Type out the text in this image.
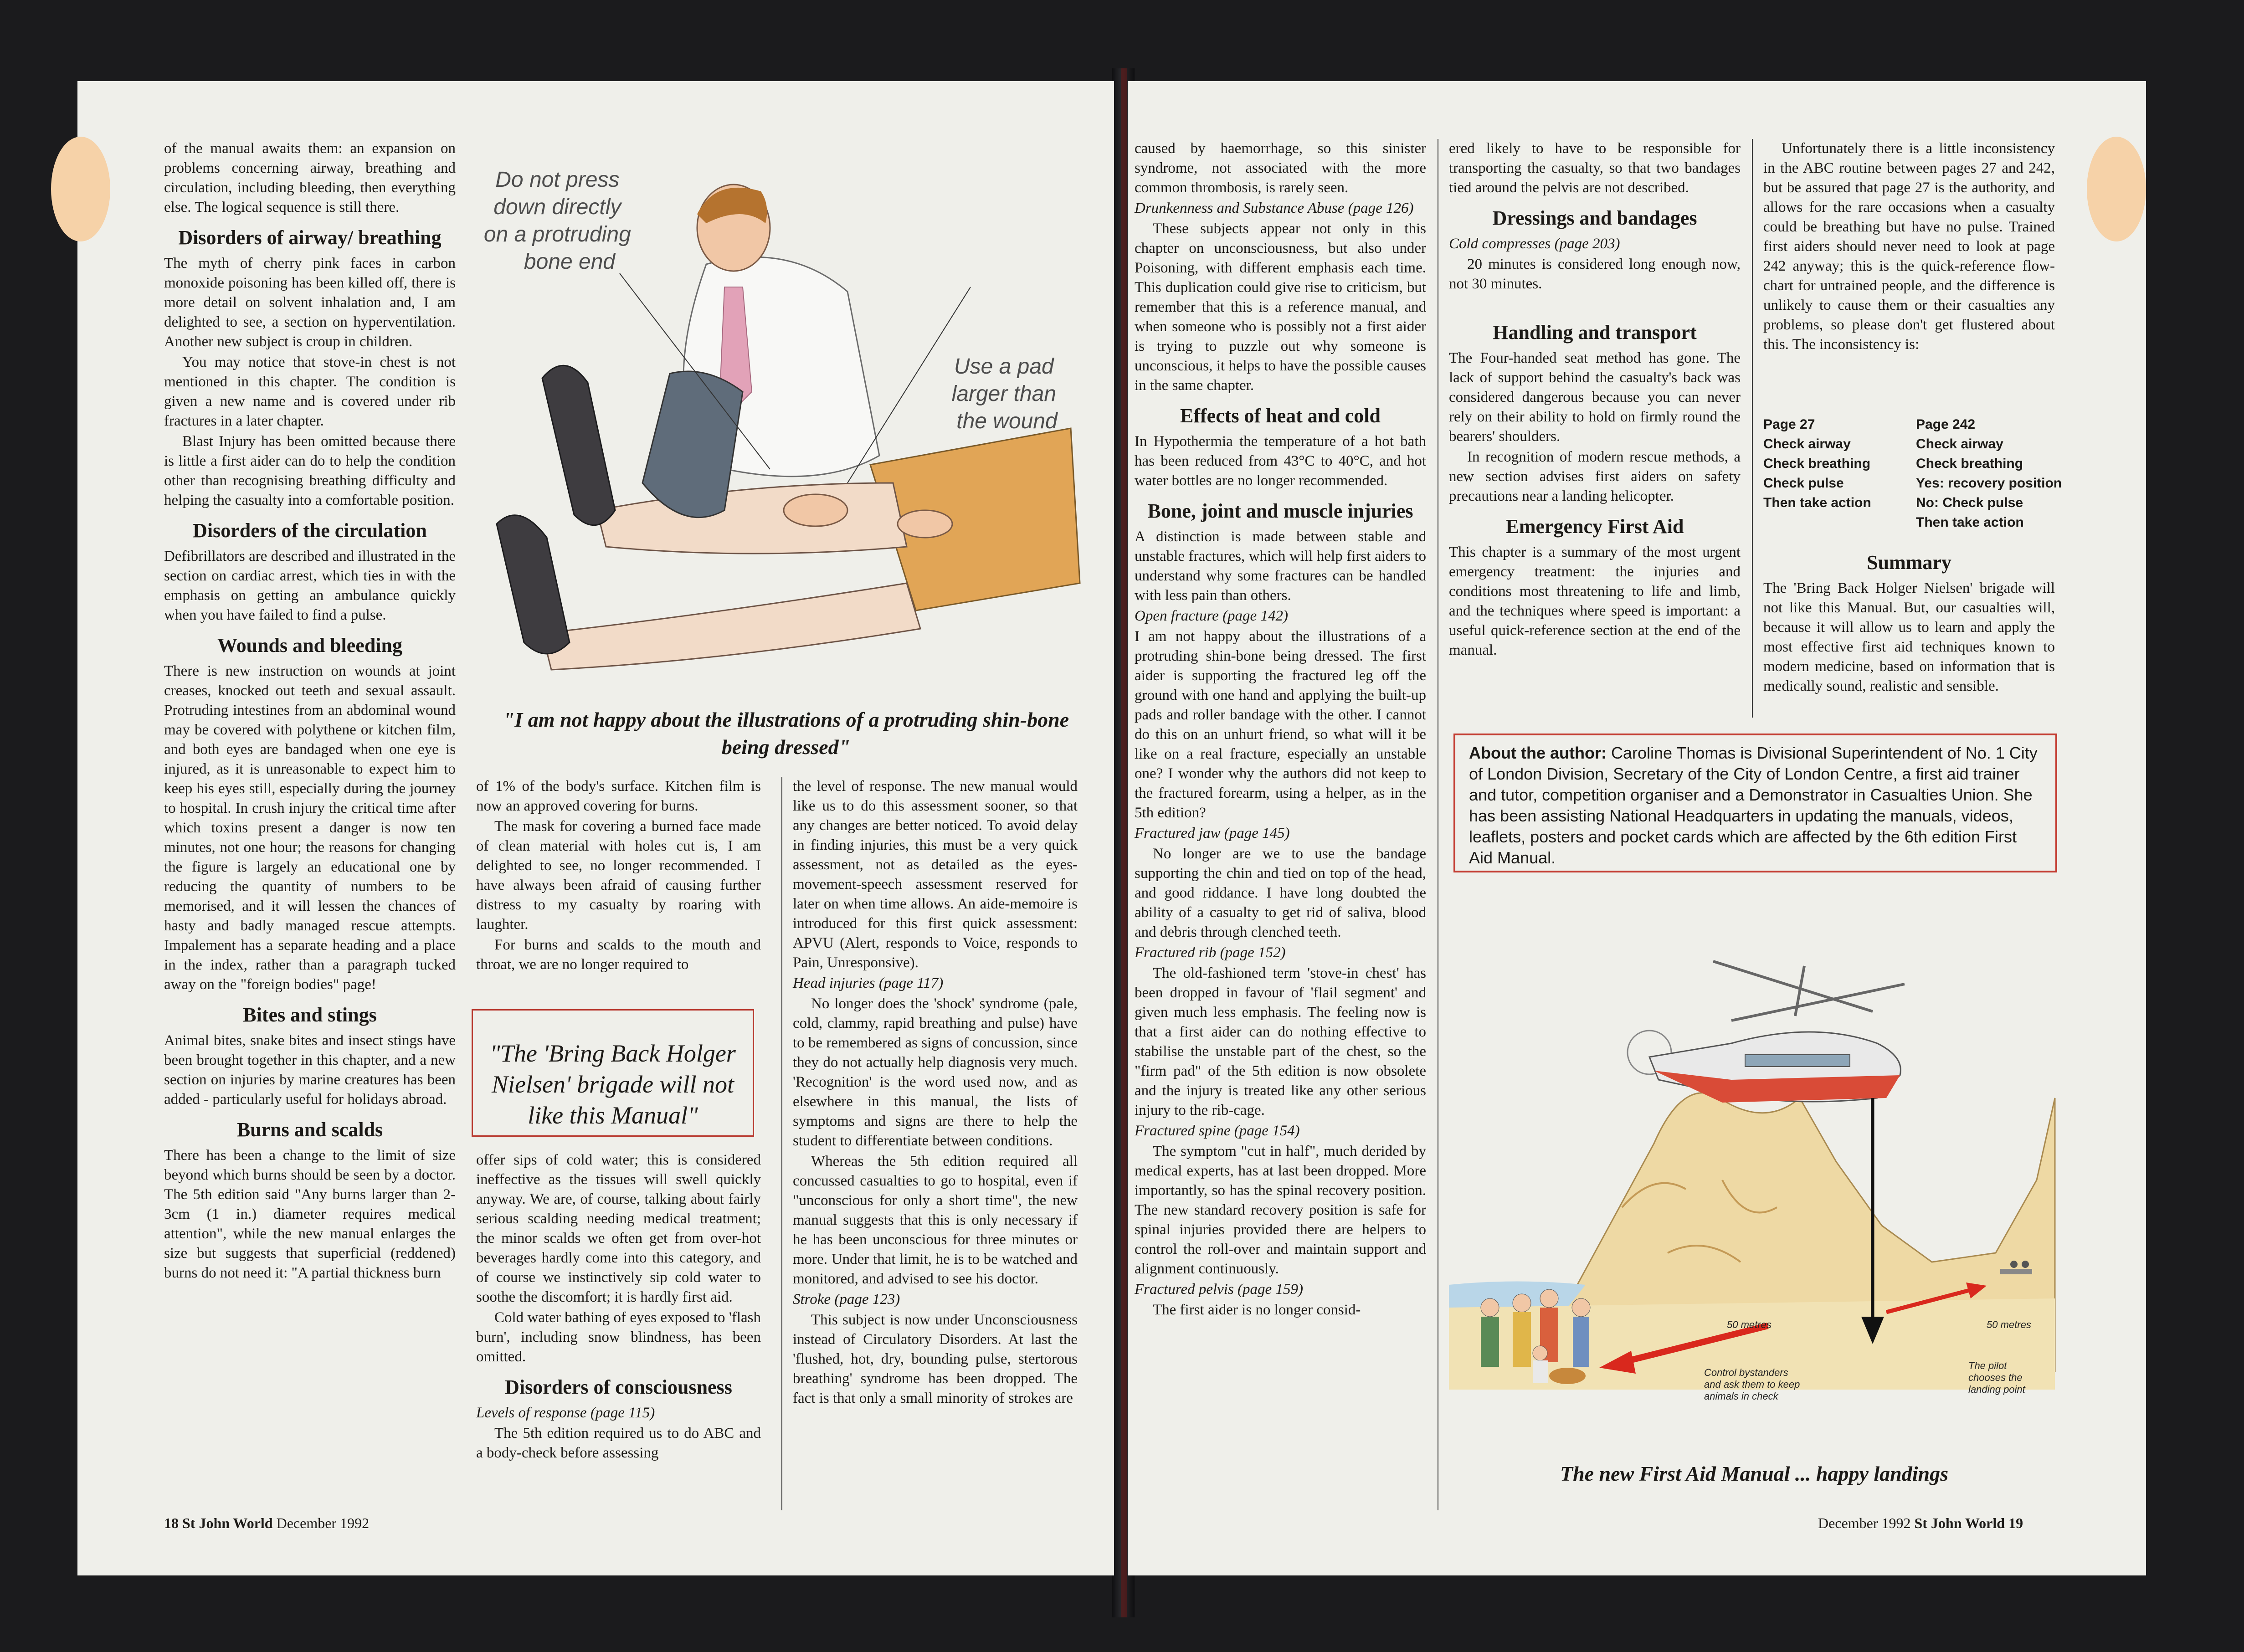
of the manual awaits them: an expansion on problems concerning airway, breathing and circulation, including bleeding, then everything else. The logical sequence is still there.

Disorders of airway/ breathing

The myth of cherry pink faces in carbon monoxide poisoning has been killed off, there is more detail on solvent inhalation and, I am delighted to see, a section on hyperventilation. Another new subject is croup in children.

You may notice that stove-in chest is not mentioned in this chapter. The condition is given a new name and is covered under rib fractures in a later chapter.

Blast Injury has been omitted because there is little a first aider can do to help the condition other than recognising breathing difficulty and helping the casualty into a comfortable position.

Disorders of the circulation

Defibrillators are described and illustrated in the section on cardiac arrest, which ties in with the emphasis on getting an ambulance quickly when you have failed to find a pulse.

Wounds and bleeding

There is new instruction on wounds at joint creases, knocked out teeth and sexual assault. Protruding intestines from an abdominal wound may be covered with polythene or kitchen film, and both eyes are bandaged when one eye is injured, as it is unreasonable to expect him to keep his eyes still, especially during the journey to hospital. In crush injury the critical time after which toxins present a danger is now ten minutes, not one hour; the reasons for changing the figure is largely an educational one by reducing the quantity of numbers to be memorised, and it will lessen the chances of hasty and badly managed rescue attempts. Impalement has a separate heading and a place in the index, rather than a paragraph tucked away on the "foreign bodies" page!

Bites and stings

Animal bites, snake bites and insect stings have been brought together in this chapter, and a new section on injuries by marine creatures has been added - particularly useful for holidays abroad.

Burns and scalds

There has been a change to the limit of size beyond which burns should be seen by a doctor. The 5th edition said "Any burns larger than 2-3cm (1 in.) diameter requires medical attention", while the new manual enlarges the size but suggests that superficial (reddened) burns do not need it: "A partial thickness burn

Do not press down directly on a protruding bone end
Use a pad larger than the wound
"I am not happy about the illustrations of a protruding shin-bone
being dressed"

of 1% of the body's surface. Kitchen film is now an approved covering for burns.

The mask for covering a burned face made of clean material with holes cut is, I am delighted to see, no longer recommended. I have always been afraid of causing further distress to my casualty by roaring with laughter.

For burns and scalds to the mouth and throat, we are no longer required to

"The 'Bring Back Holger Nielsen' brigade will not like this Manual"

offer sips of cold water; this is considered ineffective as the tissues will swell quickly anyway. We are, of course, talking about fairly serious scalding needing medical treatment; the minor scalds we often get from over-hot beverages hardly come into this category, and of course we instinctively sip cold water to soothe the discomfort; it is hardly first aid.

Cold water bathing of eyes exposed to 'flash burn', including snow blindness, has been omitted.

Disorders of consciousness

Levels of response (page 115)

The 5th edition required us to do ABC and a body-check before assessing

the level of response. The new manual would like us to do this assessment sooner, so that any changes are better noticed. To avoid delay in finding injuries, this must be a very quick assessment, not as detailed as the eyes-movement-speech assessment reserved for later on when time allows. An aide-memoire is introduced for this first quick assessment: APVU (Alert, responds to Voice, responds to Pain, Unresponsive).

Head injuries (page 117)

No longer does the 'shock' syndrome (pale, cold, clammy, rapid breathing and pulse) have to be remembered as signs of concussion, since they do not actually help diagnosis very much. 'Recognition' is the word used now, and as elsewhere in this manual, the lists of symptoms and signs are there to help the student to differentiate between conditions.

Whereas the 5th edition required all concussed casualties to go to hospital, even if "unconscious for only a short time", the new manual suggests that this is only necessary if he has been unconscious for three minutes or more. Under that limit, he is to be watched and monitored, and advised to see his doctor.

Stroke (page 123)

This subject is now under Unconsciousness instead of Circulatory Disorders. At last the 'flushed, hot, dry, bounding pulse, stertorous breathing' syndrome has been dropped. The fact is that only a small minority of strokes are

18 St John World December 1992

caused by haemorrhage, so this sinister syndrome, not associated with the more common thrombosis, is rarely seen.

Drunkenness and Substance Abuse (page 126)

These subjects appear not only in this chapter on unconsciousness, but also under Poisoning, with different emphasis each time. This duplication could give rise to criticism, but remember that this is a reference manual, and when someone who is possibly not a first aider is trying to puzzle out why someone is unconscious, it helps to have the possible causes in the same chapter.

Effects of heat and cold

In Hypothermia the temperature of a hot bath has been reduced from 43°C to 40°C, and hot water bottles are no longer recommended.

Bone, joint and muscle injuries

A distinction is made between stable and unstable fractures, which will help first aiders to understand why some fractures can be handled with less pain than others.

Open fracture (page 142)

I am not happy about the illustrations of a protruding shin-bone being dressed. The first aider is supporting the fractured leg off the ground with one hand and applying the built-up pads and roller bandage with the other. I cannot do this on an unhurt friend, so what will it be like on a real fracture, especially an unstable one? I wonder why the authors did not keep to the fractured forearm, using a helper, as in the 5th edition?

Fractured jaw (page 145)

No longer are we to use the bandage supporting the chin and tied on top of the head, and good riddance. I have long doubted the ability of a casualty to get rid of saliva, blood and debris through clenched teeth.

Fractured rib (page 152)

The old-fashioned term 'stove-in chest' has been dropped in favour of 'flail segment' and given much less emphasis. The feeling now is that a first aider can do nothing effective to stabilise the unstable part of the chest, so the "firm pad" of the 5th edition is now obsolete and the injury is treated like any other serious injury to the rib-cage.

Fractured spine (page 154)

The symptom "cut in half", much derided by medical experts, has at last been dropped. More importantly, so has the spinal recovery position. The new standard recovery position is safe for spinal injuries provided there are helpers to control the roll-over and maintain support and alignment continuously.

Fractured pelvis (page 159)

The first aider is no longer consid-

ered likely to have to be responsible for transporting the casualty, so that two bandages tied around the pelvis are not described.

Dressings and bandages

Cold compresses (page 203)

20 minutes is considered long enough now, not 30 minutes.

Handling and transport

The Four-handed seat method has gone. The lack of support behind the casualty's back was considered dangerous because you can never rely on their ability to hold on firmly round the bearers' shoulders.

In recognition of modern rescue methods, a new section advises first aiders on safety precautions near a landing helicopter.

Emergency First Aid

This chapter is a summary of the most urgent emergency treatment: the injuries and conditions most threatening to life and limb, and the techniques where speed is important: a useful quick-reference section at the end of the manual.

Unfortunately there is a little inconsistency in the ABC routine between pages 27 and 242, but be assured that page 27 is the authority, and allows for the rare occasions when a casualty could be breathing but have no pulse. Trained first aiders should never need to look at page 242 anyway; this is the quick-reference flow-chart for untrained people, and the difference is unlikely to cause them or their casualties any problems, so please don't get flustered about this. The inconsistency is:

Page 27
Check airway
Check breathing
Check pulse
Then take action
Page 242
Check airway
Check breathing
Yes: recovery position
No: Check pulse
Then take action
Summary

The 'Bring Back Holger Nielsen' brigade will not like this Manual. But, our casualties will, because it will allow us to learn and apply the most effective first aid techniques known to modern medicine, based on information that is medically sound, realistic and sensible.

About the author: Caroline Thomas is Divisional Superintendent of No. 1 City of London Division, Secretary of the City of London Centre, a first aid trainer and tutor, competition organiser and a Demonstrator in Casualties Union. She has been assisting National Headquarters in updating the manuals, videos, leaflets, posters and pocket cards which are affected by the 6th edition First Aid Manual.
50 metres	50 metres
Control bystanders and ask them to keep animals in check
The pilot chooses the landing point
The new First Aid Manual ... happy landings
December 1992 St John World 19
